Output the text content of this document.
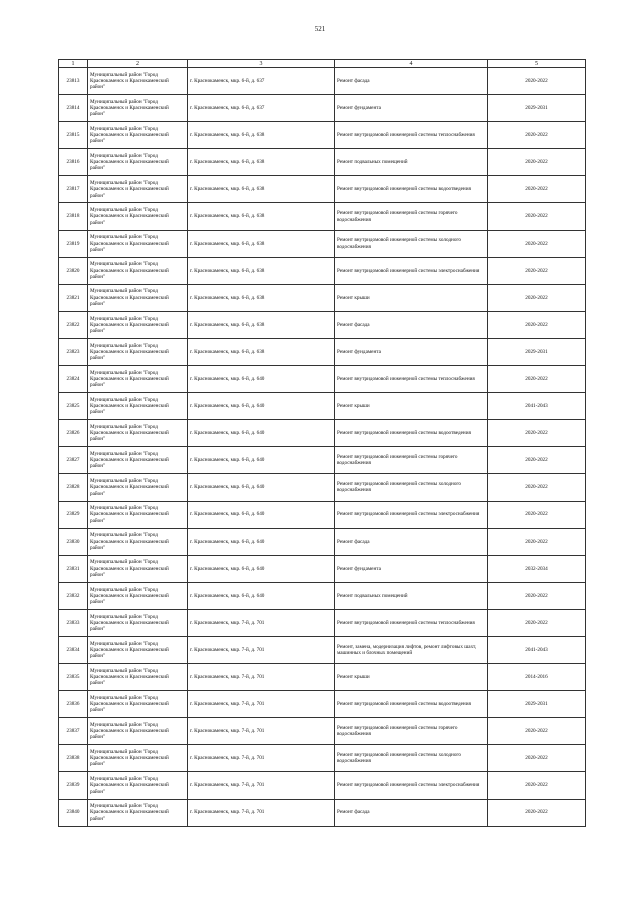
521
1	2	3	4	5
23813	Муниципальный район "Город Краснокаменск и Краснокаменский район"	г. Краснокаменск, мкр. 6-й, д. 637	Ремонт фасада	2020-2022
23814	Муниципальный район "Город Краснокаменск и Краснокаменский район"	г. Краснокаменск, мкр. 6-й, д. 637	Ремонт фундамента	2029-2031
23815	Муниципальный район "Город Краснокаменск и Краснокаменский район"	г. Краснокаменск, мкр. 6-й, д. 638	Ремонт внутридомовой инженерной системы теплоснабжения	2020-2022
23816	Муниципальный район "Город Краснокаменск и Краснокаменский район"	г. Краснокаменск, мкр. 6-й, д. 638	Ремонт подвальных помещений	2020-2022
23817	Муниципальный район "Город Краснокаменск и Краснокаменский район"	г. Краснокаменск, мкр. 6-й, д. 638	Ремонт внутридомовой инженерной системы водоотведения	2020-2022
23818	Муниципальный район "Город Краснокаменск и Краснокаменский район"	г. Краснокаменск, мкр. 6-й, д. 638	Ремонт внутридомовой инженерной системы горячего водоснабжения	2020-2022
23819	Муниципальный район "Город Краснокаменск и Краснокаменский район"	г. Краснокаменск, мкр. 6-й, д. 638	Ремонт внутридомовой инженерной системы холодного водоснабжения	2020-2022
23820	Муниципальный район "Город Краснокаменск и Краснокаменский район"	г. Краснокаменск, мкр. 6-й, д. 638	Ремонт внутридомовой инженерной системы электроснабжения	2020-2022
23821	Муниципальный район "Город Краснокаменск и Краснокаменский район"	г. Краснокаменск, мкр. 6-й, д. 638	Ремонт крыши	2020-2022
23822	Муниципальный район "Город Краснокаменск и Краснокаменский район"	г. Краснокаменск, мкр. 6-й, д. 638	Ремонт фасада	2020-2022
23823	Муниципальный район "Город Краснокаменск и Краснокаменский район"	г. Краснокаменск, мкр. 6-й, д. 638	Ремонт фундамента	2029-2031
23824	Муниципальный район "Город Краснокаменск и Краснокаменский район"	г. Краснокаменск, мкр. 6-й, д. 640	Ремонт внутридомовой инженерной системы теплоснабжения	2020-2022
23825	Муниципальный район "Город Краснокаменск и Краснокаменский район"	г. Краснокаменск, мкр. 6-й, д. 640	Ремонт крыши	2041-2043
23826	Муниципальный район "Город Краснокаменск и Краснокаменский район"	г. Краснокаменск, мкр. 6-й, д. 640	Ремонт внутридомовой инженерной системы водоотведения	2020-2022
23827	Муниципальный район "Город Краснокаменск и Краснокаменский район"	г. Краснокаменск, мкр. 6-й, д. 640	Ремонт внутридомовой инженерной системы горячего водоснабжения	2020-2022
23828	Муниципальный район "Город Краснокаменск и Краснокаменский район"	г. Краснокаменск, мкр. 6-й, д. 640	Ремонт внутридомовой инженерной системы холодного водоснабжения	2020-2022
23829	Муниципальный район "Город Краснокаменск и Краснокаменский район"	г. Краснокаменск, мкр. 6-й, д. 640	Ремонт внутридомовой инженерной системы электроснабжения	2020-2022
23830	Муниципальный район "Город Краснокаменск и Краснокаменский район"	г. Краснокаменск, мкр. 6-й, д. 640	Ремонт фасада	2020-2022
23831	Муниципальный район "Город Краснокаменск и Краснокаменский район"	г. Краснокаменск, мкр. 6-й, д. 640	Ремонт фундамента	2032-2034
23832	Муниципальный район "Город Краснокаменск и Краснокаменский район"	г. Краснокаменск, мкр. 6-й, д. 640	Ремонт подвальных помещений	2020-2022
23833	Муниципальный район "Город Краснокаменск и Краснокаменский район"	г. Краснокаменск, мкр. 7-й, д. 701	Ремонт внутридомовой инженерной системы теплоснабжения	2020-2022
23834	Муниципальный район "Город Краснокаменск и Краснокаменский район"	г. Краснокаменск, мкр. 7-й, д. 701	Ремонт, замена, модернизация лифтов, ремонт лифтовых шахт, машинных и блочных помещений	2041-2043
23835	Муниципальный район "Город Краснокаменск и Краснокаменский район"	г. Краснокаменск, мкр. 7-й, д. 701	Ремонт крыши	2014-2016
23836	Муниципальный район "Город Краснокаменск и Краснокаменский район"	г. Краснокаменск, мкр. 7-й, д. 701	Ремонт внутридомовой инженерной системы водоотведения	2029-2031
23837	Муниципальный район "Город Краснокаменск и Краснокаменский район"	г. Краснокаменск, мкр. 7-й, д. 701	Ремонт внутридомовой инженерной системы горячего водоснабжения	2020-2022
23838	Муниципальный район "Город Краснокаменск и Краснокаменский район"	г. Краснокаменск, мкр. 7-й, д. 701	Ремонт внутридомовой инженерной системы холодного водоснабжения	2020-2022
23839	Муниципальный район "Город Краснокаменск и Краснокаменский район"	г. Краснокаменск, мкр. 7-й, д. 701	Ремонт внутридомовой инженерной системы электроснабжения	2020-2022
23840	Муниципальный район "Город Краснокаменск и Краснокаменский район"	г. Краснокаменск, мкр. 7-й, д. 701	Ремонт фасада	2020-2022
